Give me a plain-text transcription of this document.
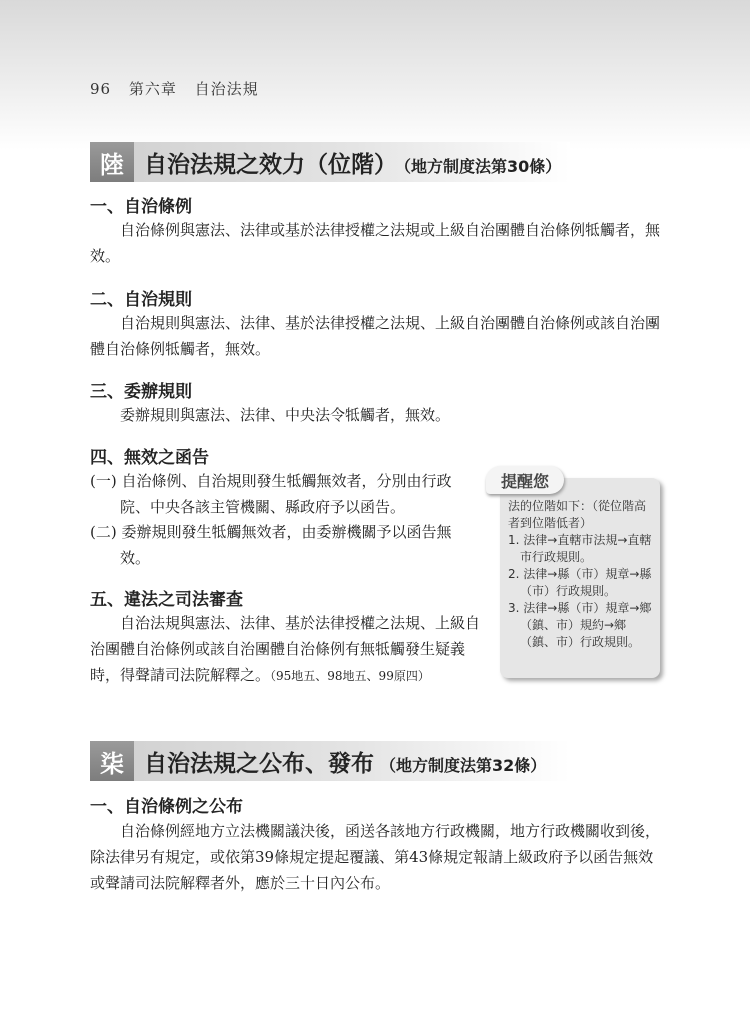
96 第六章 自治法規
陸 自治法規之效力（位階） （地方制度法第30條）
一、自治條例
自治條例與憲法、法律或基於法律授權之法規或上級自治團體自治條例牴觸者，無效。
二、自治規則
自治規則與憲法、法律、基於法律授權之法規、上級自治團體自治條例或該自治團體自治條例牴觸者，無效。
三、委辦規則
委辦規則與憲法、法律、中央法令牴觸者，無效。
四、無效之函告
(一) 自治條例、自治規則發生牴觸無效者，分別由行政院、中央各該主管機關、縣政府予以函告。
(二) 委辦規則發生牴觸無效者，由委辦機關予以函告無效。
五、違法之司法審查
自治法規與憲法、法律、基於法律授權之法規、上級自治團體自治條例或該自治團體自治條例有無牴觸發生疑義時，得聲請司法院解釋之。（95地五、98地五、99原四）
提醒您
法的位階如下：（從位階高者到位階低者）
1. 法律→直轄市法規→直轄市行政規則。
2. 法律→縣（市）規章→縣（市）行政規則。
3. 法律→縣（市）規章→鄉（鎮、市）規約→鄉（鎮、市）行政規則。
柒 自治法規之公布、發布 （地方制度法第32條）
一、自治條例之公布
自治條例經地方立法機關議決後，函送各該地方行政機關，地方行政機關收到後，除法律另有規定，或依第39條規定提起覆議、第43條規定報請上級政府予以函告無效或聲請司法院解釋者外，應於三十日內公布。
